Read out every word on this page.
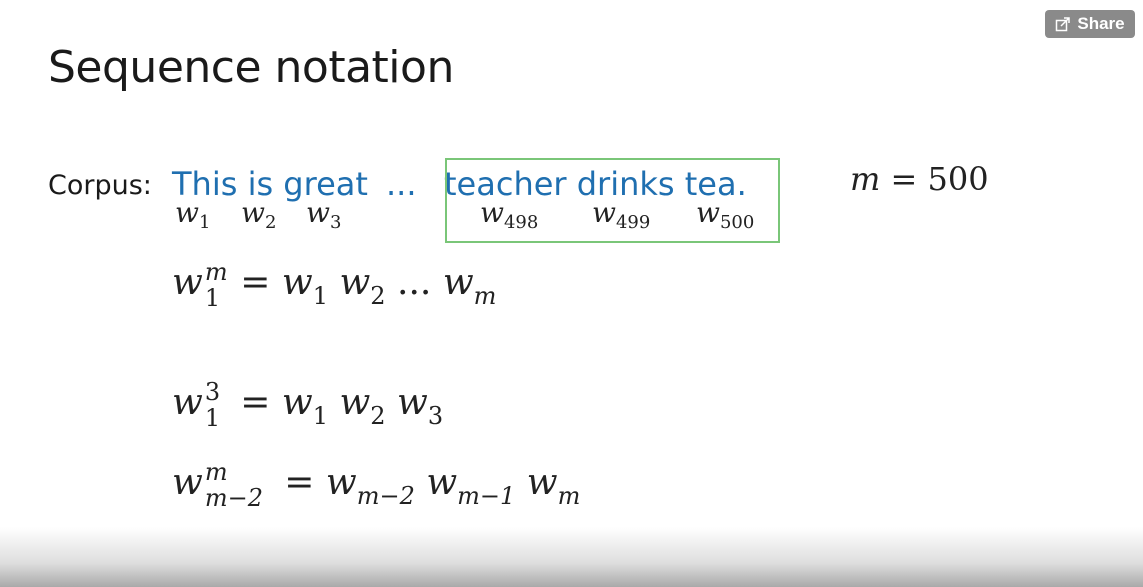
Sequence notation
Share
Corpus: This is great ... teacher drinks tea.
$w_1$ $w_2$ $w_3$	$w_{498}$ $w_{499}$ $w_{500}$
m = 500
w m
$1 = w_1$ $w_2$ ... $w_m$
w 3
$1 = w_1$ $w_2$ $w_3$
w m
$m-2 = w_{m-2}$ $w_{m-1}$ $w_m$
